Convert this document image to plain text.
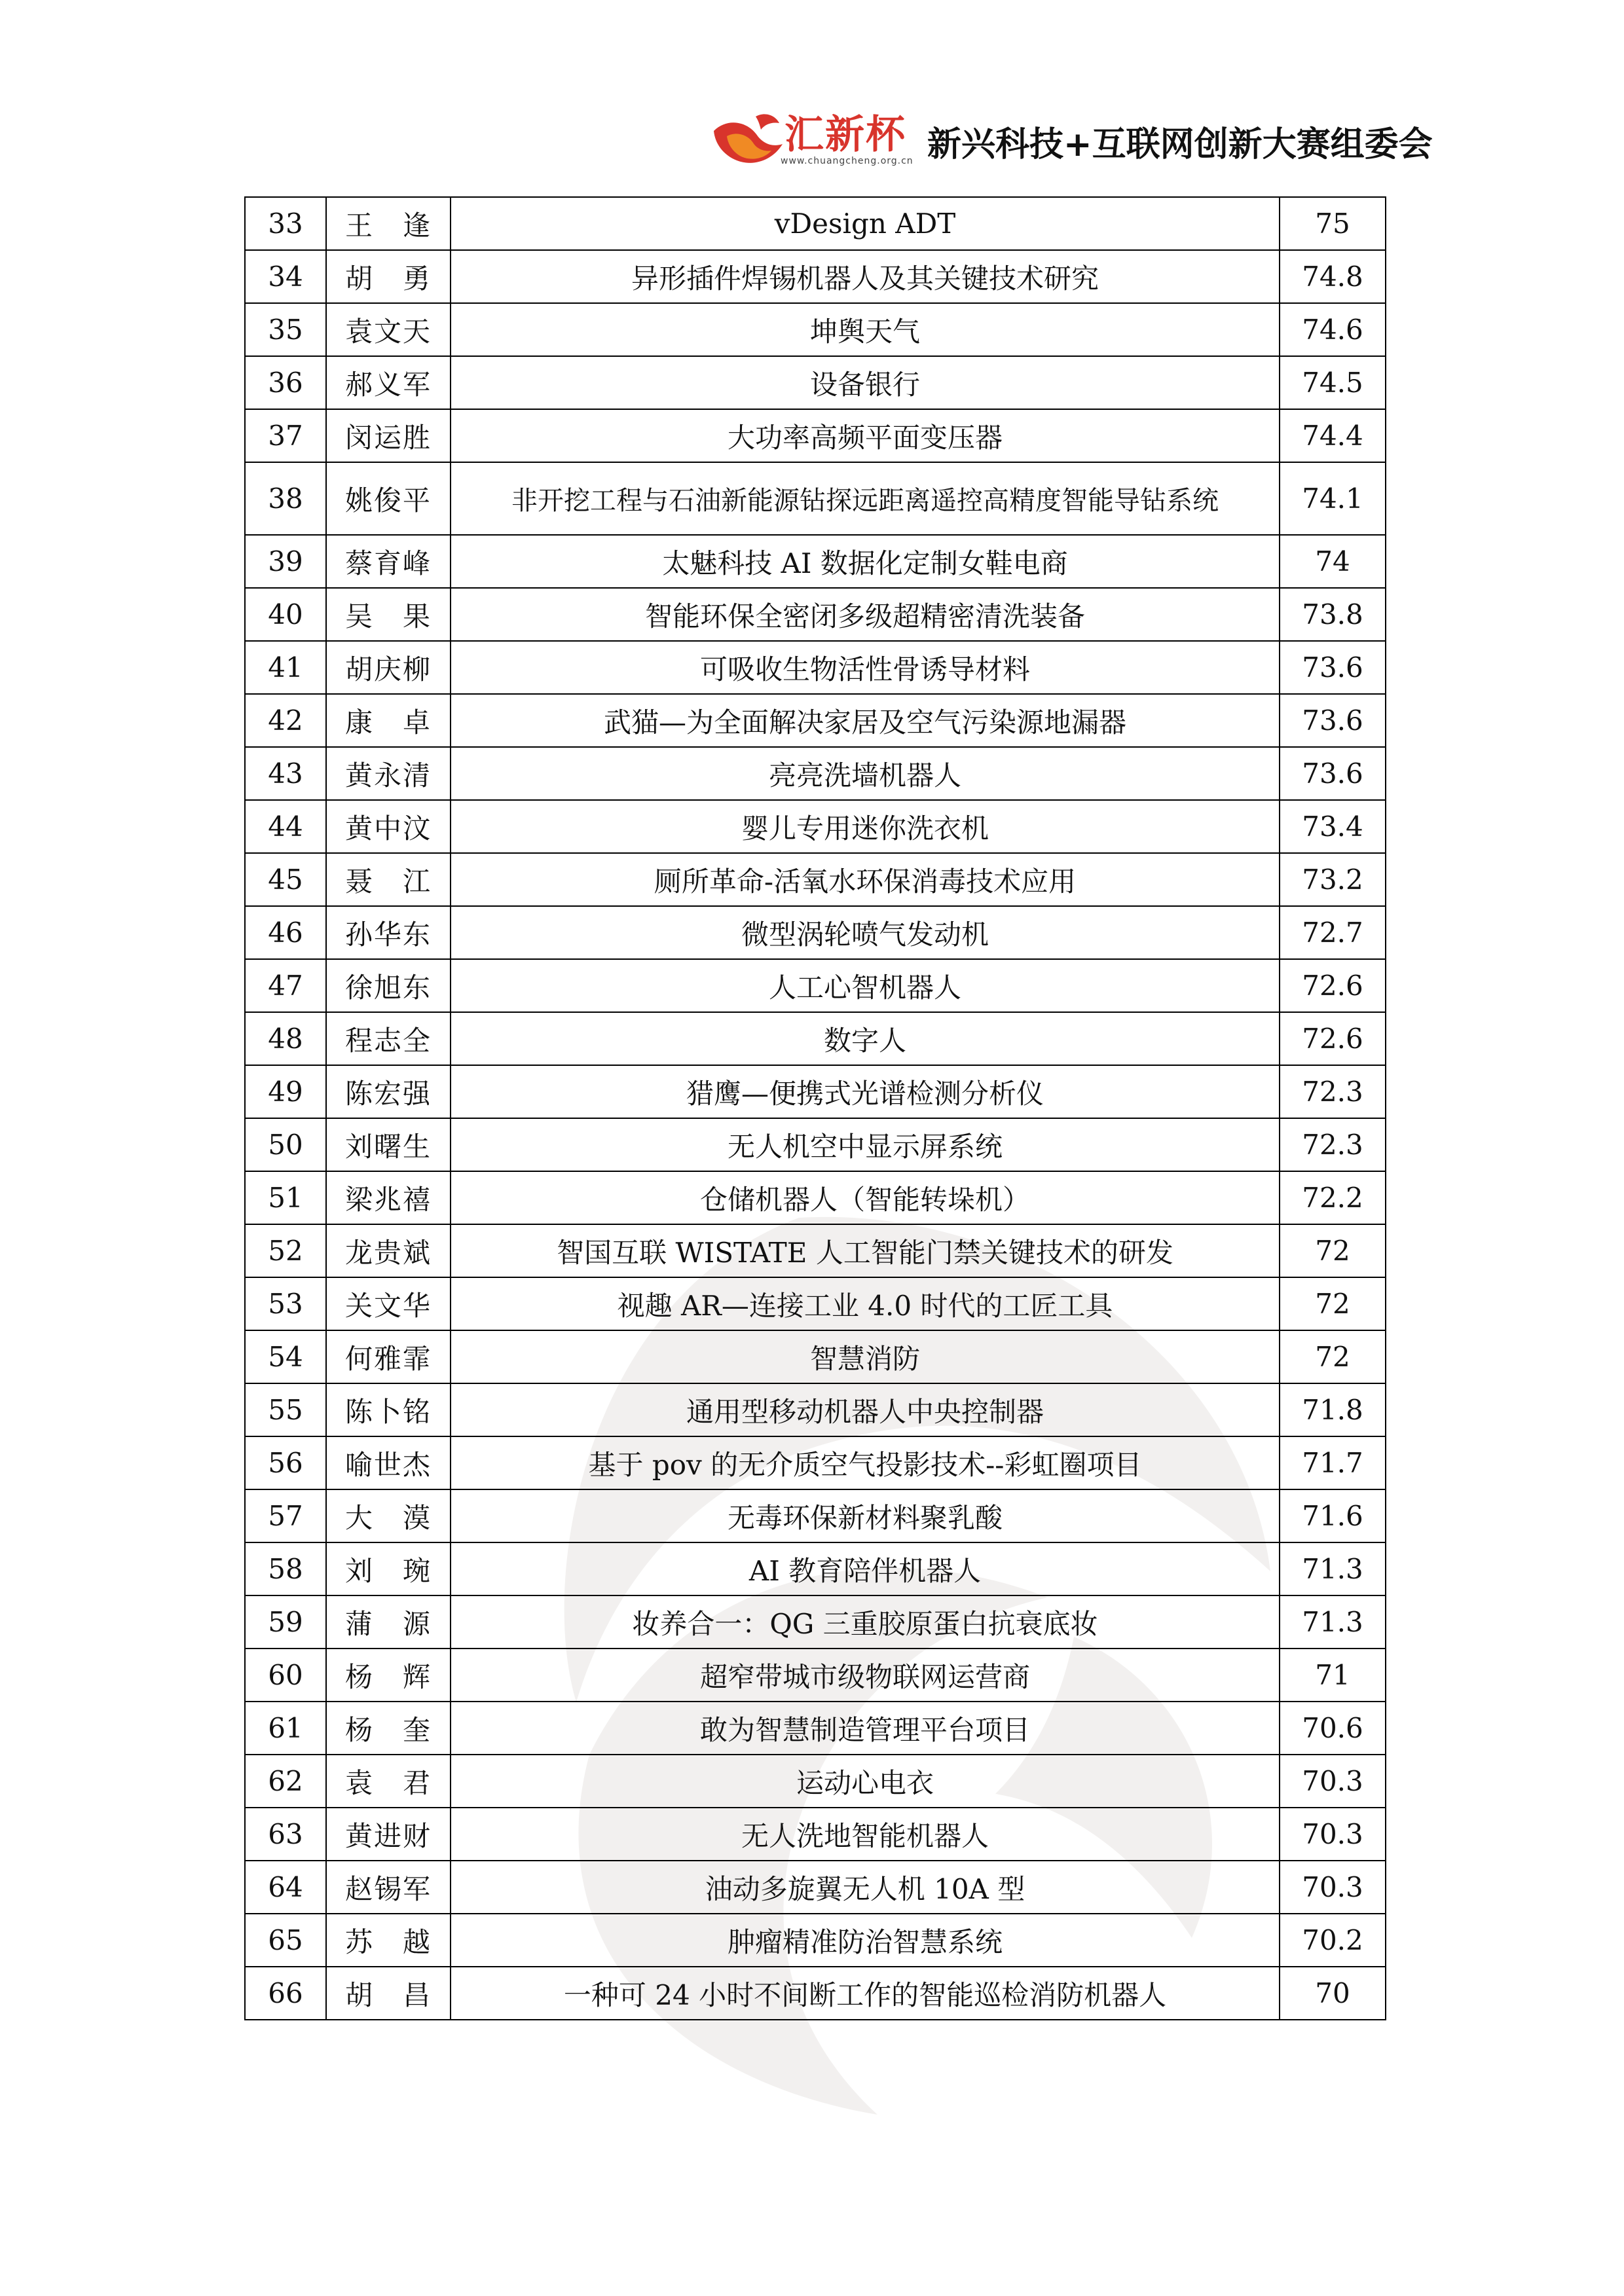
汇新杯
www.chuangcheng.org.cn 新兴科技+互联网创新大赛组委会
33	王　逢	vDesign ADT	75
34	胡　勇	异形插件焊锡机器人及其关键技术研究	74.8
35	袁文天	坤舆天气	74.6
36	郝义军	设备银行	74.5
37	闵运胜	大功率高频平面变压器	74.4
38	姚俊平	非开挖工程与石油新能源钻探远距离遥控高精度智能导钻系统	74.1
39	蔡育峰	太魅科技 AI 数据化定制女鞋电商	74
40	吴　果	智能环保全密闭多级超精密清洗装备	73.8
41	胡庆柳	可吸收生物活性骨诱导材料	73.6
42	康　卓	武猫—为全面解决家居及空气污染源地漏器	73.6
43	黄永清	亮亮洗墙机器人	73.6
44	黄中汶	婴儿专用迷你洗衣机	73.4
45	聂　江	厕所革命-活氧水环保消毒技术应用	73.2
46	孙华东	微型涡轮喷气发动机	72.7
47	徐旭东	人工心智机器人	72.6
48	程志全	数字人	72.6
49	陈宏强	猎鹰—便携式光谱检测分析仪	72.3
50	刘曙生	无人机空中显示屏系统	72.3
51	梁兆禧	仓储机器人（智能转垛机）	72.2
52	龙贵斌	智国互联 WISTATE 人工智能门禁关键技术的研发	72
53	关文华	视趣 AR—连接工业 4.0 时代的工匠工具	72
54	何雅霏	智慧消防	72
55	陈卜铭	通用型移动机器人中央控制器	71.8
56	喻世杰	基于 pov 的无介质空气投影技术--彩虹圈项目	71.7
57	大　漠	无毒环保新材料聚乳酸	71.6
58	刘　琬	AI 教育陪伴机器人	71.3
59	蒲　源	妆养合一：QG 三重胶原蛋白抗衰底妆	71.3
60	杨　辉	超窄带城市级物联网运营商	71
61	杨　奎	敢为智慧制造管理平台项目	70.6
62	袁　君	运动心电衣	70.3
63	黄进财	无人洗地智能机器人	70.3
64	赵锡军	油动多旋翼无人机 10A 型	70.3
65	苏　越	肿瘤精准防治智慧系统	70.2
66	胡　昌	一种可 24 小时不间断工作的智能巡检消防机器人	70
